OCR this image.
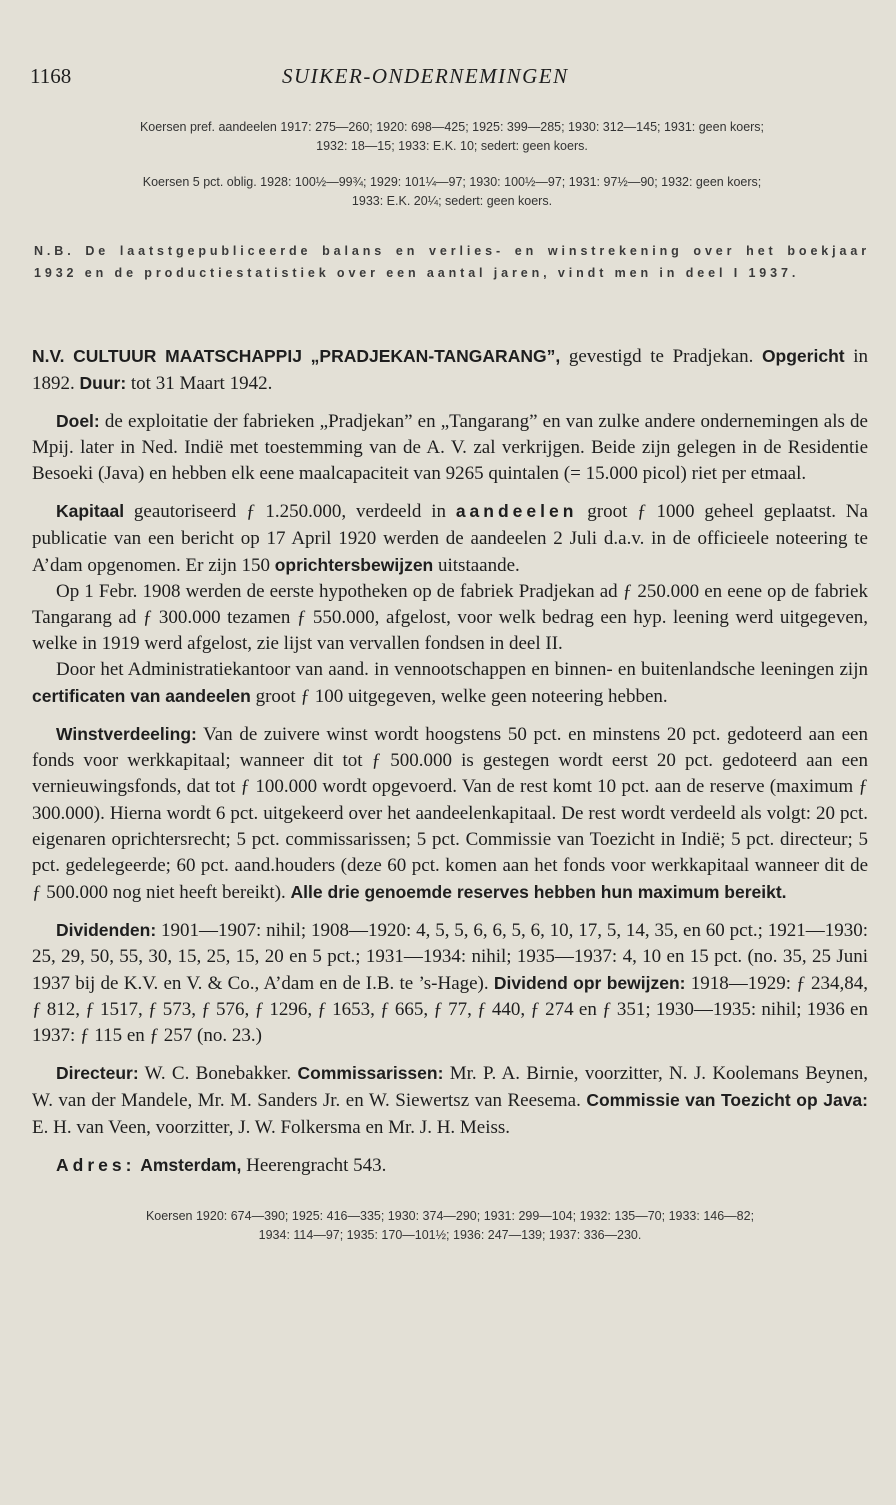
1168	SUIKER-ONDERNEMINGEN
Koersen pref. aandeelen 1917: 275—260; 1920: 698—425; 1925: 399—285; 1930: 312—145; 1931: geen koers;
1932: 18—15; 1933: E.K. 10; sedert: geen koers.
Koersen 5 pct. oblig. 1928: 100½—99¾; 1929: 101¼—97; 1930: 100½—97; 1931: 97½—90; 1932: geen koers;
1933: E.K. 20¼; sedert: geen koers.
N.B. De laatstgepubliceerde balans en verlies- en winstrekening over het boekjaar 1932 en de productiestatistiek over een aantal jaren, vindt men in deel I 1937.

N.V. CULTUUR MAATSCHAPPIJ „PRADJEKAN-TANGARANG”, gevestigd te Pradjekan. Opgericht in 1892. Duur: tot 31 Maart 1942.

Doel: de exploitatie der fabrieken „Pradjekan” en „Tangarang” en van zulke andere ondernemingen als de Mpij. later in Ned. Indië met toestemming van de A. V. zal verkrijgen. Beide zijn gelegen in de Residentie Besoeki (Java) en hebben elk eene maalcapaciteit van 9265 quintalen (= 15.000 picol) riet per etmaal.

Kapitaal geautoriseerd ƒ 1.250.000, verdeeld in aandeelen groot ƒ 1000 geheel geplaatst. Na publicatie van een bericht op 17 April 1920 werden de aandeelen 2 Juli d.a.v. in de officieele noteering te A’dam opgenomen. Er zijn 150 oprichtersbewijzen uitstaande.

Op 1 Febr. 1908 werden de eerste hypotheken op de fabriek Pradjekan ad ƒ 250.000 en eene op de fabriek Tangarang ad ƒ 300.000 tezamen ƒ 550.000, afgelost, voor welk bedrag een hyp. leening werd uitgegeven, welke in 1919 werd afgelost, zie lijst van vervallen fondsen in deel II.

Door het Administratiekantoor van aand. in vennootschappen en binnen- en buitenlandsche leeningen zijn certificaten van aandeelen groot ƒ 100 uitgegeven, welke geen noteering hebben.

Winstverdeeling: Van de zuivere winst wordt hoogstens 50 pct. en minstens 20 pct. gedoteerd aan een fonds voor werkkapitaal; wanneer dit tot ƒ 500.000 is gestegen wordt eerst 20 pct. gedoteerd aan een vernieuwingsfonds, dat tot ƒ 100.000 wordt opgevoerd. Van de rest komt 10 pct. aan de reserve (maximum ƒ 300.000). Hierna wordt 6 pct. uitgekeerd over het aandeelenkapitaal. De rest wordt verdeeld als volgt: 20 pct. eigenaren oprichtersrecht; 5 pct. commissarissen; 5 pct. Commissie van Toezicht in Indië; 5 pct. directeur; 5 pct. gedelegeerde; 60 pct. aand.houders (deze 60 pct. komen aan het fonds voor werkkapitaal wanneer dit de ƒ 500.000 nog niet heeft bereikt). Alle drie genoemde reserves hebben hun maximum bereikt.

Dividenden: 1901—1907: nihil; 1908—1920: 4, 5, 5, 6, 6, 5, 6, 10, 17, 5, 14, 35, en 60 pct.; 1921—1930: 25, 29, 50, 55, 30, 15, 25, 15, 20 en 5 pct.; 1931—1934: nihil; 1935—1937: 4, 10 en 15 pct. (no. 35, 25 Juni 1937 bij de K.V. en V. & Co., A’dam en de I.B. te ’s-Hage). Dividend opr bewijzen: 1918—1929: ƒ 234,84, ƒ 812, ƒ 1517, ƒ 573, ƒ 576, ƒ 1296, ƒ 1653, ƒ 665, ƒ 77, ƒ 440, ƒ 274 en ƒ 351; 1930—1935: nihil; 1936 en 1937: ƒ 115 en ƒ 257 (no. 23.)

Directeur: W. C. Bonebakker. Commissarissen: Mr. P. A. Birnie, voorzitter, N. J. Koolemans Beynen, W. van der Mandele, Mr. M. Sanders Jr. en W. Siewertsz van Reesema. Commissie van Toezicht op Java: E. H. van Veen, voorzitter, J. W. Folkersma en Mr. J. H. Meiss.

Adres: Amsterdam, Heerengracht 543.

Koersen 1920: 674—390; 1925: 416—335; 1930: 374—290; 1931: 299—104; 1932: 135—70; 1933: 146—82;
1934: 114—97; 1935: 170—101½; 1936: 247—139; 1937: 336—230.
